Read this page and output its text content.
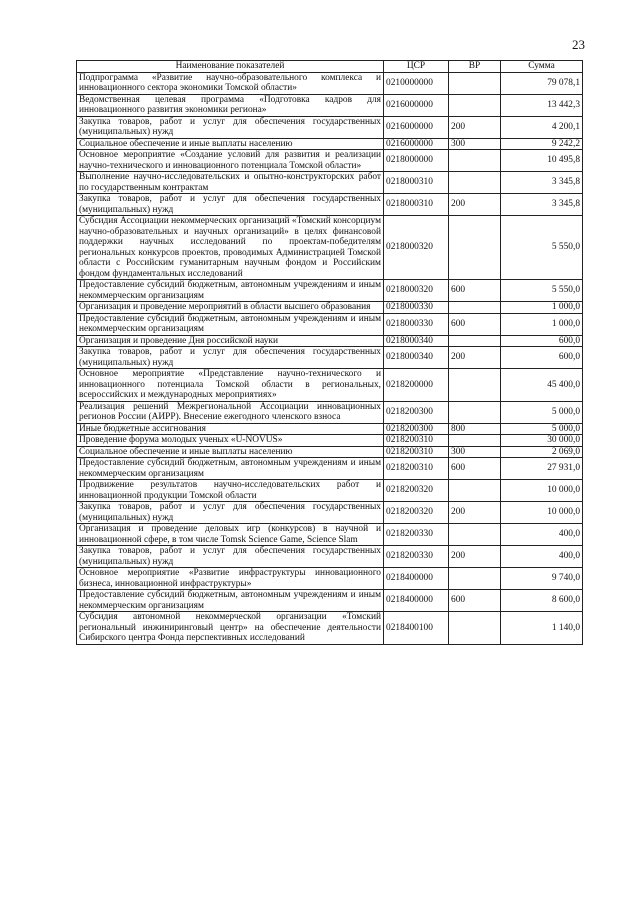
23
Наименование показателей	ЦСР	ВР	Сумма
Подпрограмма «Развитие научно-образовательного комплекса и инновационного сектора экономики Томской области»	0210000000		79 078,1
Ведомственная целевая программа «Подготовка кадров для инновационного развития экономики региона»	0216000000		13 442,3
Закупка товаров, работ и услуг для обеспечения государственных (муниципальных) нужд	0216000000	200	4 200,1
Социальное обеспечение и иные выплаты населению	0216000000	300	9 242,2
Основное мероприятие «Создание условий для развития и реализации научно-технического и инновационного потенциала Томской области»	0218000000		10 495,8
Выполнение научно-исследовательских и опытно-конструкторских работ по государственным контрактам	0218000310		3 345,8
Закупка товаров, работ и услуг для обеспечения государственных (муниципальных) нужд	0218000310	200	3 345,8
Субсидия Ассоциации некоммерческих организаций «Томский консорциум научно-образовательных и научных организаций» в целях финансовой поддержки научных исследований по проектам-победителям региональных конкурсов проектов, проводимых Администрацией Томской области с Российским гуманитарным научным фондом и Российским фондом фундаментальных исследований	0218000320		5 550,0
Предоставление субсидий бюджетным, автономным учреждениям и иным некоммерческим организациям	0218000320	600	5 550,0
Организация и проведение мероприятий в области высшего образования	0218000330		1 000,0
Предоставление субсидий бюджетным, автономным учреждениям и иным некоммерческим организациям	0218000330	600	1 000,0
Организация и проведение Дня российской науки	0218000340		600,0
Закупка товаров, работ и услуг для обеспечения государственных (муниципальных) нужд	0218000340	200	600,0
Основное мероприятие «Представление научно-технического и инновационного потенциала Томской области в региональных, всероссийских и международных мероприятиях»	0218200000		45 400,0
Реализация решений Межрегиональной Ассоциации инновационных регионов России (АИРР). Внесение ежегодного членского взноса	0218200300		5 000,0
Иные бюджетные ассигнования	0218200300	800	5 000,0
Проведение форума молодых ученых «U-NOVUS»	0218200310		30 000,0
Социальное обеспечение и иные выплаты населению	0218200310	300	2 069,0
Предоставление субсидий бюджетным, автономным учреждениям и иным некоммерческим организациям	0218200310	600	27 931,0
Продвижение результатов научно-исследовательских работ и инновационной продукции Томской области	0218200320		10 000,0
Закупка товаров, работ и услуг для обеспечения государственных (муниципальных) нужд	0218200320	200	10 000,0
Организация и проведение деловых игр (конкурсов) в научной и инновационной сфере, в том числе Tomsk Science Game, Science Slam	0218200330		400,0
Закупка товаров, работ и услуг для обеспечения государственных (муниципальных) нужд	0218200330	200	400,0
Основное мероприятие «Развитие инфраструктуры инновационного бизнеса, инновационной инфраструктуры»	0218400000		9 740,0
Предоставление субсидий бюджетным, автономным учреждениям и иным некоммерческим организациям	0218400000	600	8 600,0
Субсидия автономной некоммерческой организации «Томский региональный инжиниринговый центр» на обеспечение деятельности Сибирского центра Фонда перспективных исследований	0218400100		1 140,0
